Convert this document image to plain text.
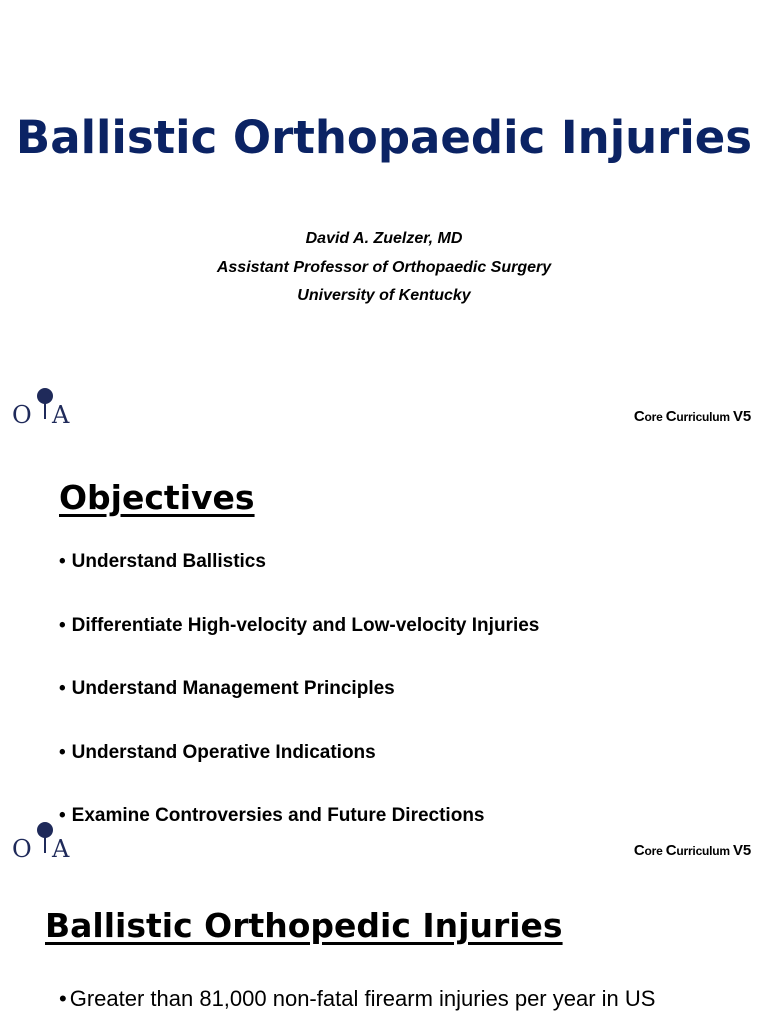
Ballistic Orthopaedic Injuries
David A. Zuelzer, MD
Assistant Professor of Orthopaedic Surgery
University of Kentucky
O A	Core Curriculum V5
Objectives
• Understand Ballistics
• Differentiate High-velocity and Low-velocity Injuries
• Understand Management Principles
• Understand Operative Indications
• Examine Controversies and Future Directions
O A	Core Curriculum V5
Ballistic Orthopedic Injuries
• Greater than 81,000 non-fatal firearm injuries per year in US
